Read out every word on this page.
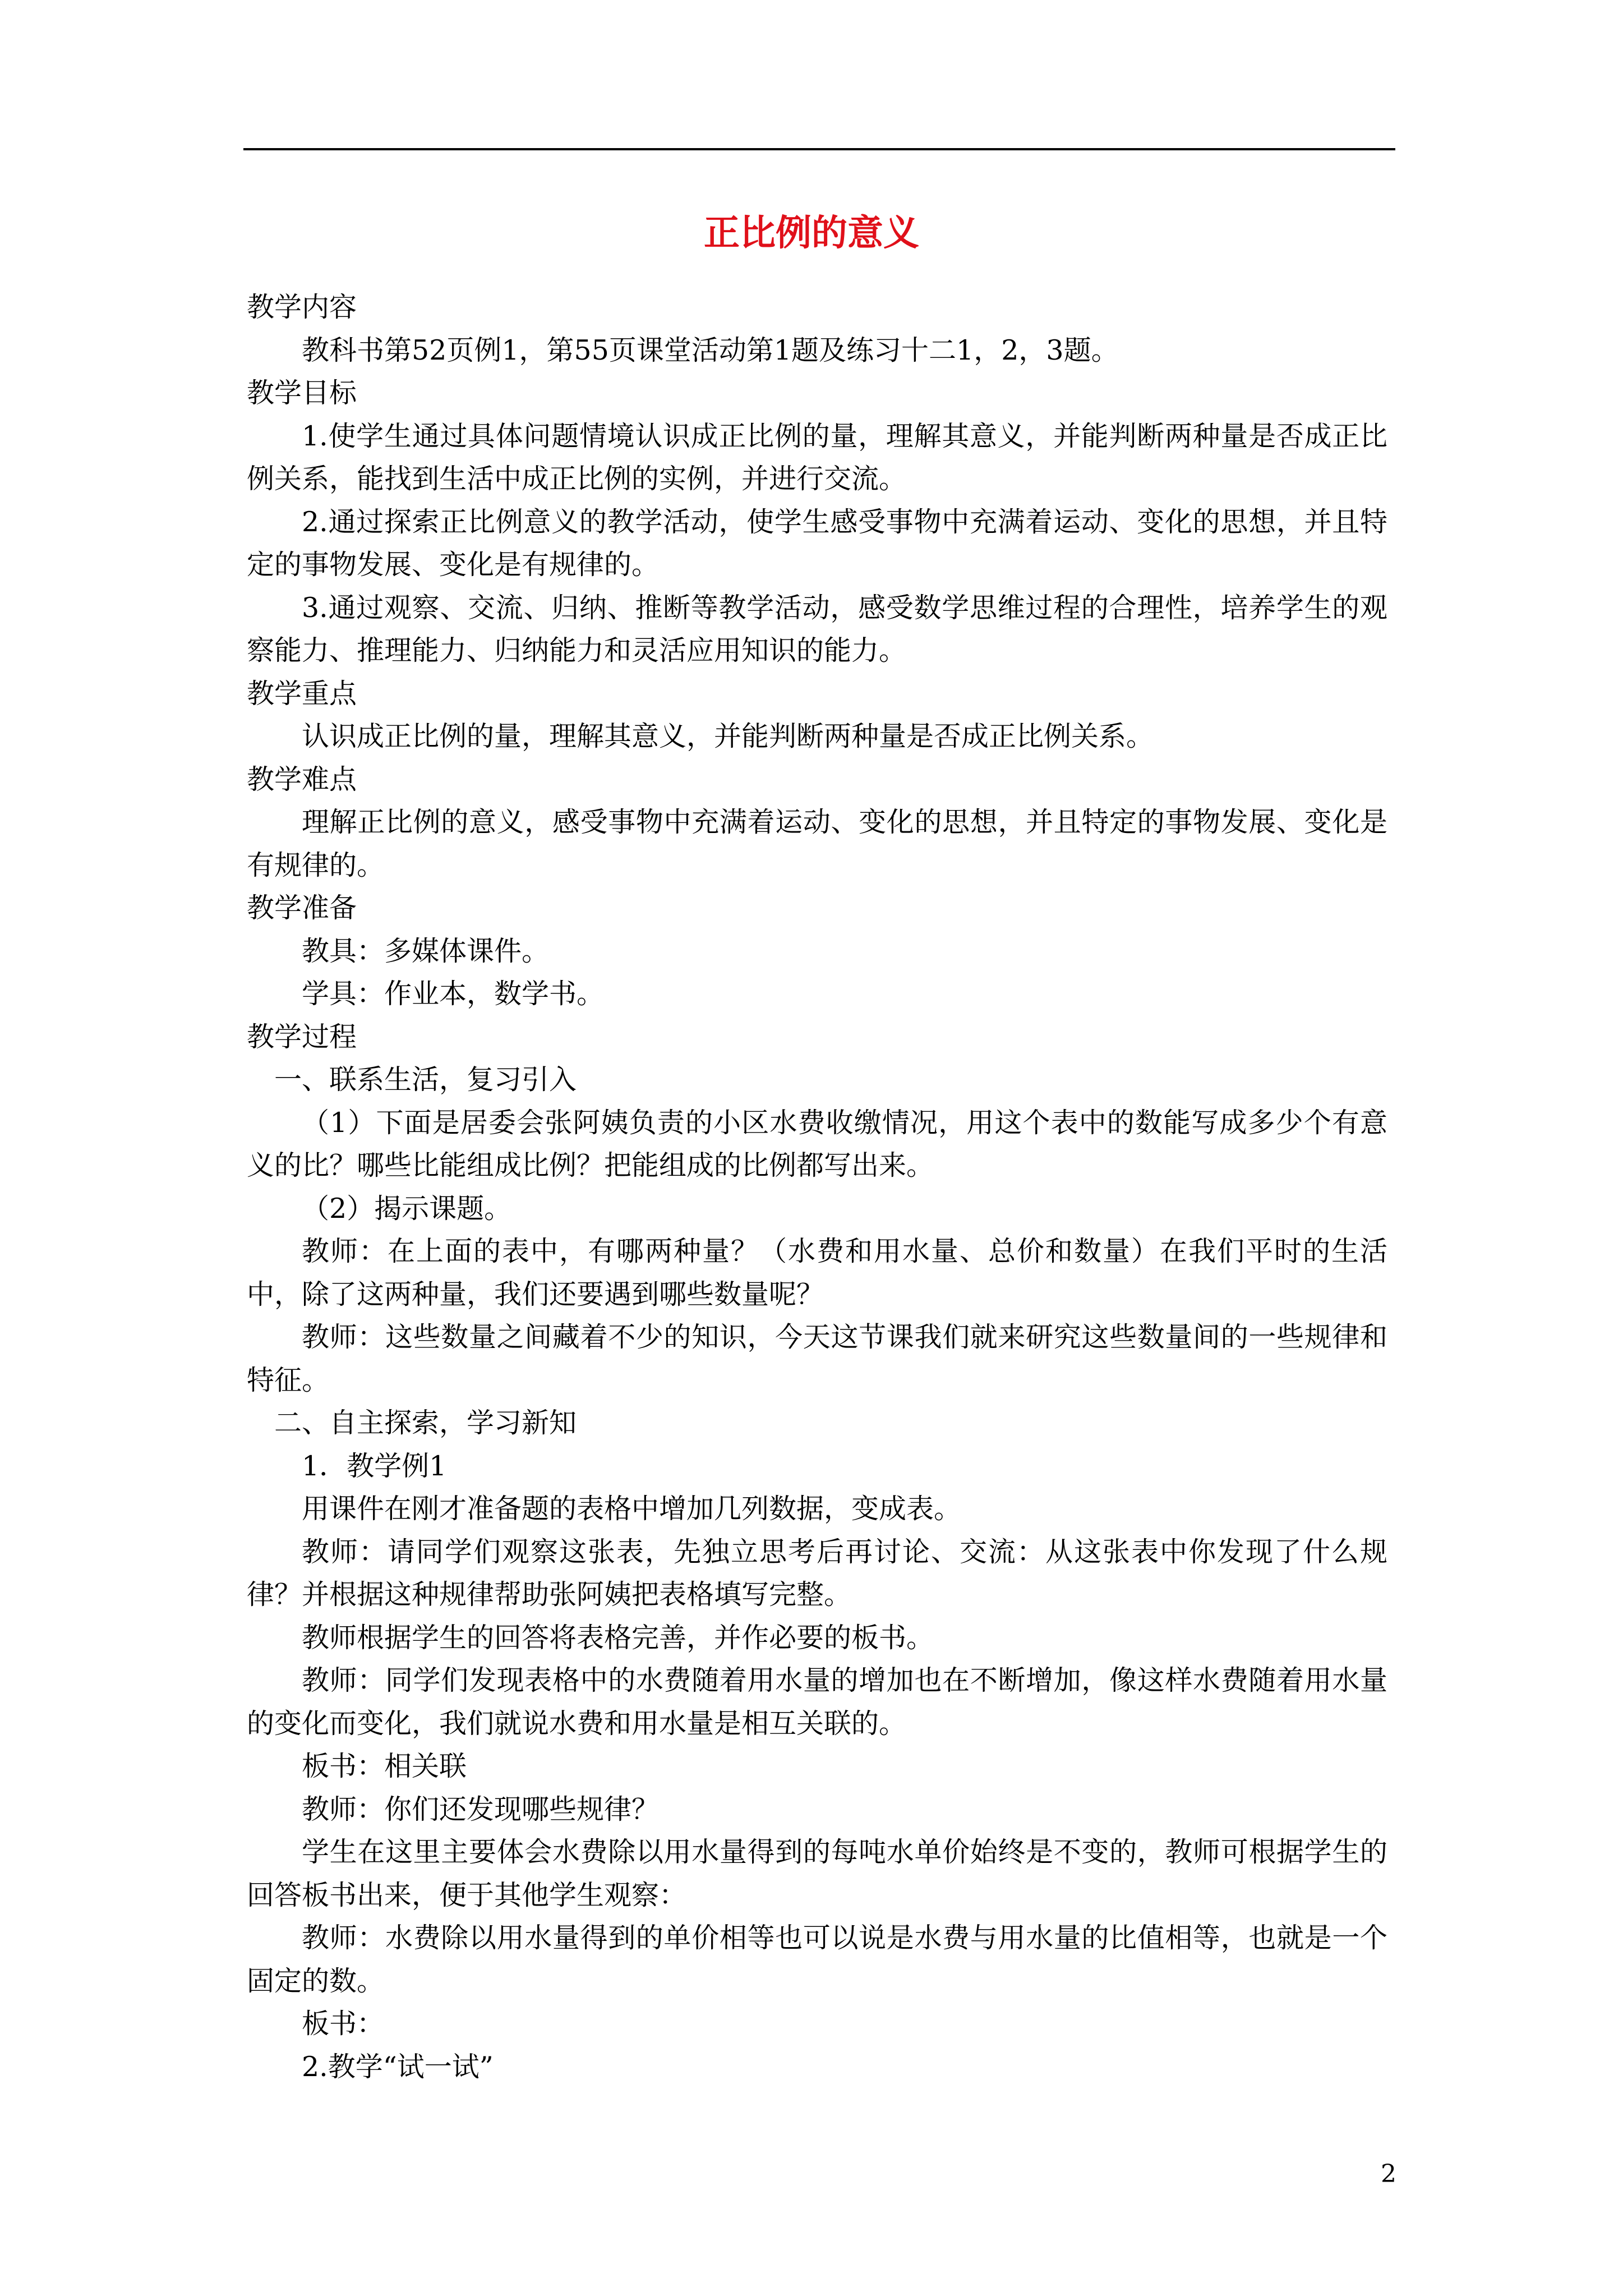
正比例的意义

教学内容

教科书第52页例1，第55页课堂活动第1题及练习十二1，2，3题。

教学目标

1.使学生通过具体问题情境认识成正比例的量，理解其意义，并能判断两种量是否成正比例关系，能找到生活中成正比例的实例，并进行交流。

2.通过探索正比例意义的教学活动，使学生感受事物中充满着运动、变化的思想，并且特定的事物发展、变化是有规律的。

3.通过观察、交流、归纳、推断等教学活动，感受数学思维过程的合理性，培养学生的观察能力、推理能力、归纳能力和灵活应用知识的能力。

教学重点

认识成正比例的量，理解其意义，并能判断两种量是否成正比例关系。

教学难点

理解正比例的意义，感受事物中充满着运动、变化的思想，并且特定的事物发展、变化是有规律的。

教学准备

教具：多媒体课件。

学具：作业本，数学书。

教学过程

一、联系生活，复习引入

（1）下面是居委会张阿姨负责的小区水费收缴情况，用这个表中的数能写成多少个有意义的比？哪些比能组成比例？把能组成的比例都写出来。

（2）揭示课题。

教师：在上面的表中，有哪两种量？（水费和用水量、总价和数量）在我们平时的生活中，除了这两种量，我们还要遇到哪些数量呢？

教师：这些数量之间藏着不少的知识，今天这节课我们就来研究这些数量间的一些规律和特征。

二、自主探索，学习新知

1．教学例1

用课件在刚才准备题的表格中增加几列数据，变成表。

教师：请同学们观察这张表，先独立思考后再讨论、交流：从这张表中你发现了什么规律？并根据这种规律帮助张阿姨把表格填写完整。

教师根据学生的回答将表格完善，并作必要的板书。

教师：同学们发现表格中的水费随着用水量的增加也在不断增加，像这样水费随着用水量的变化而变化，我们就说水费和用水量是相互关联的。

板书：相关联

教师：你们还发现哪些规律？

学生在这里主要体会水费除以用水量得到的每吨水单价始终是不变的，教师可根据学生的回答板书出来，便于其他学生观察：

教师：水费除以用水量得到的单价相等也可以说是水费与用水量的比值相等，也就是一个固定的数。

板书：

2.教学“试一试”

2
